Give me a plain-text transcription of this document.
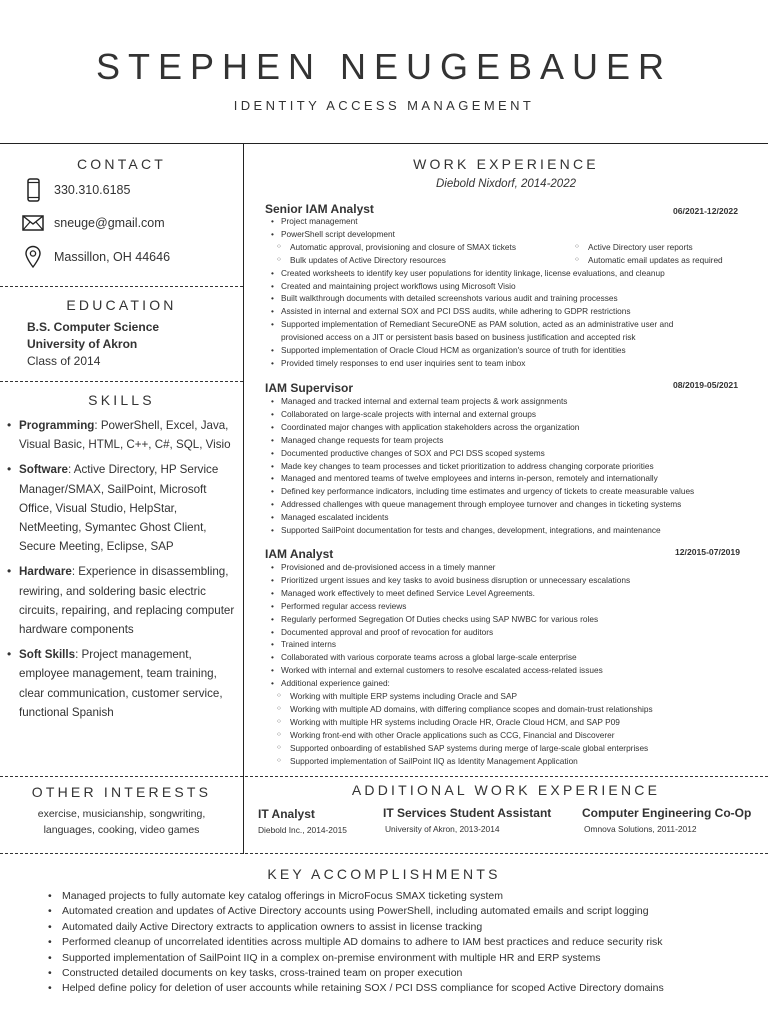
STEPHEN NEUGEBAUER
IDENTITY ACCESS MANAGEMENT
CONTACT
330.310.6185
sneuge@gmail.com
Massillon, OH 44646
EDUCATION
B.S. Computer Science
University of Akron
Class of 2014
SKILLS
• Programming: PowerShell, Excel, Java, Visual Basic, HTML, C++, C#, SQL, Visio
• Software: Active Directory, HP Service Manager/SMAX, SailPoint, Microsoft Office, Visual Studio, HelpStar, NetMeeting, Symantec Ghost Client, Secure Meeting, Eclipse, SAP
• Hardware: Experience in disassembling, rewiring, and soldering basic electric circuits, repairing, and replacing computer hardware components
• Soft Skills: Project management, employee management, team training, clear communication, customer service, functional Spanish
OTHER INTERESTS
exercise, musicianship, songwriting,
languages, cooking, video games
WORK EXPERIENCE
Diebold Nixdorf, 2014-2022
Senior IAM Analyst	06/2021-12/2022
• Project management
• PowerShell script development
○ Automatic approval, provisioning and closure of SMAX tickets
○ Bulk updates of Active Directory resources
○ Active Directory user reports
○ Automatic email updates as required
• Created worksheets to identify key user populations for identity linkage, license evaluations, and cleanup
• Created and maintaining project workflows using Microsoft Visio
• Built walkthrough documents with detailed screenshots various audit and training processes
• Assisted in internal and external SOX and PCI DSS audits, while adhering to GDPR restrictions
• Supported implementation of Remediant SecureONE as PAM solution, acted as an administrative user and
provisioned access on a JIT or persistent basis based on business justification and accepted risk
• Supported implementation of Oracle Cloud HCM as organization's source of truth for identities
• Provided timely responses to end user inquiries sent to team inbox
IAM Supervisor	08/2019-05/2021
• Managed and tracked internal and external team projects & work assignments
• Collaborated on large-scale projects with internal and external groups
• Coordinated major changes with application stakeholders across the organization
• Managed change requests for team projects
• Documented productive changes of SOX and PCI DSS scoped systems
• Made key changes to team processes and ticket prioritization to address changing corporate priorities
• Managed and mentored teams of twelve employees and interns in-person, remotely and internationally
• Defined key performance indicators, including time estimates and urgency of tickets to create measurable values
• Addressed challenges with queue management through employee turnover and changes in ticketing systems
• Managed escalated incidents
• Supported SailPoint documentation for tests and changes, development, integrations, and maintenance
IAM Analyst	12/2015-07/2019
• Provisioned and de-provisioned access in a timely manner
• Prioritized urgent issues and key tasks to avoid business disruption or unnecessary escalations
• Managed work effectively to meet defined Service Level Agreements.
• Performed regular access reviews
• Regularly performed Segregation Of Duties checks using SAP NWBC for various roles
• Documented approval and proof of revocation for auditors
• Trained interns
• Collaborated with various corporate teams across a global large-scale enterprise
• Worked with internal and external customers to resolve escalated access-related issues
• Additional experience gained:
○ Working with multiple ERP systems including Oracle and SAP
○ Working with multiple AD domains, with differing compliance scopes and domain-trust relationships
○ Working with multiple HR systems including Oracle HR, Oracle Cloud HCM, and SAP P09
○ Working front-end with other Oracle applications such as CCG, Financial and Discoverer
○ Supported onboarding of established SAP systems during merge of large-scale global enterprises
○ Supported implementation of SailPoint IIQ as Identity Management Application
ADDITIONAL WORK EXPERIENCE
IT Analyst
Diebold Inc., 2014-2015
IT Services Student Assistant
University of Akron, 2013-2014
Computer Engineering Co-Op
Omnova Solutions, 2011-2012
KEY ACCOMPLISHMENTS
• Managed projects to fully automate key catalog offerings in MicroFocus SMAX ticketing system
• Automated creation and updates of Active Directory accounts using PowerShell, including automated emails and script logging
• Automated daily Active Directory extracts to application owners to assist in license tracking
• Performed cleanup of uncorrelated identities across multiple AD domains to adhere to IAM best practices and reduce security risk
• Supported implementation of SailPoint IIQ in a complex on-premise environment with multiple HR and ERP systems
• Constructed detailed documents on key tasks, cross-trained team on proper execution
• Helped define policy for deletion of user accounts while retaining SOX / PCI DSS compliance for scoped Active Directory domains
